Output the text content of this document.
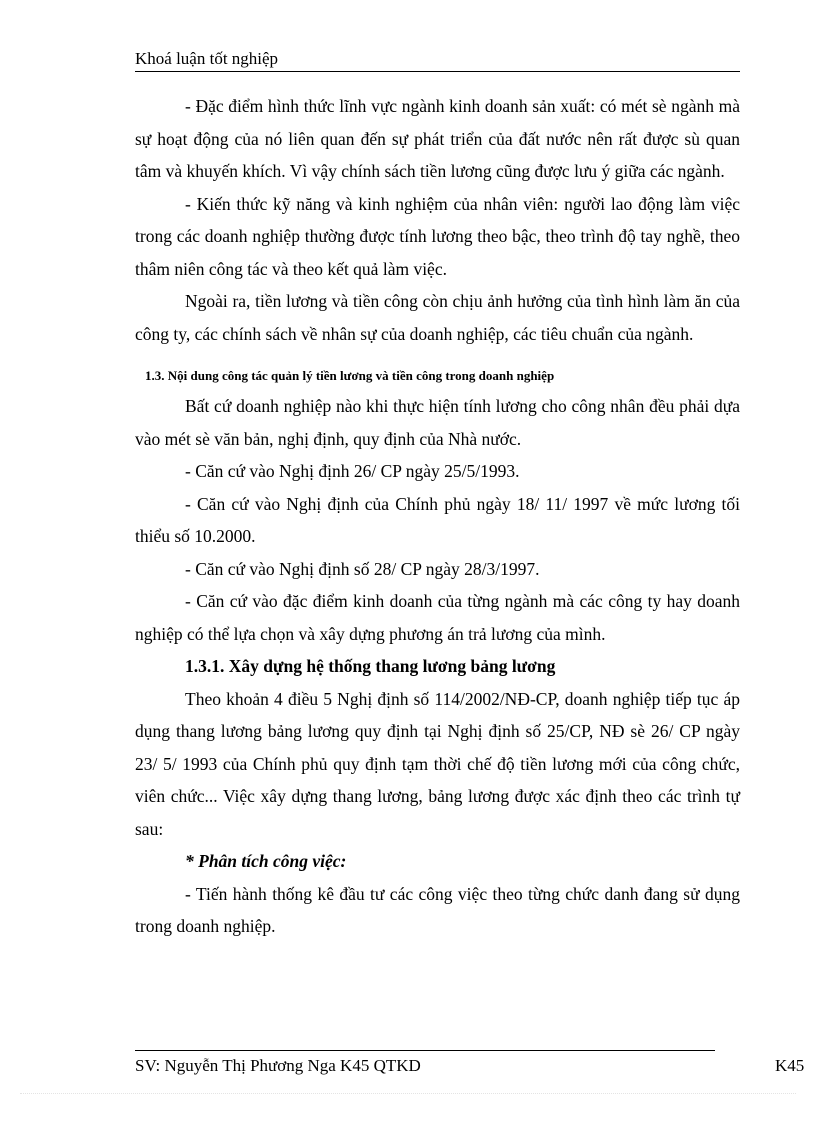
Khoá luận tốt nghiệp

- Đặc điểm hình thức lĩnh vực ngành kinh doanh sản xuất: có mét sè ngành mà sự hoạt động của nó liên quan đến sự phát triển của đất nước nên rất được sù quan tâm và khuyến khích. Vì vậy chính sách tiền lương cũng được lưu ý giữa các ngành.

- Kiến thức kỹ năng và kinh nghiệm của nhân viên: người lao động làm việc trong các doanh nghiệp thường được tính lương theo bậc, theo trình độ tay nghề, theo thâm niên công tác và theo kết quả làm việc.

Ngoài ra, tiền lương và tiền công còn chịu ảnh hưởng của tình hình làm ăn của công ty, các chính sách về nhân sự của doanh nghiệp, các tiêu chuẩn của ngành.

1.3. Nội dung công tác quản lý tiền lương và tiền công trong doanh nghiệp

Bất cứ doanh nghiệp nào khi thực hiện tính lương cho công nhân đều phải dựa vào mét sè văn bản, nghị định, quy định của Nhà nước.

- Căn cứ vào Nghị định 26/ CP ngày 25/5/1993.

- Căn cứ vào Nghị định của Chính phủ ngày 18/ 11/ 1997 về mức lương tối thiểu số 10.2000.

- Căn cứ vào Nghị định số 28/ CP ngày 28/3/1997.

- Căn cứ vào đặc điểm kinh doanh của từng ngành mà các công ty hay doanh nghiệp có thể lựa chọn và xây dựng phương án trả lương của mình.

1.3.1. Xây dựng hệ thống thang lương bảng lương

Theo khoản 4 điều 5 Nghị định số 114/2002/NĐ-CP, doanh nghiệp tiếp tục áp dụng thang lương bảng lương quy định tại Nghị định số 25/CP, NĐ sè 26/ CP ngày 23/ 5/ 1993 của Chính phủ quy định tạm thời chế độ tiền lương mới của công chức, viên chức... Việc xây dựng thang lương, bảng lương được xác định theo các trình tự sau:

* Phân tích công việc:

- Tiến hành thống kê đầu tư các công việc theo từng chức danh đang sử dụng trong doanh nghiệp.

SV: Nguyễn Thị Phương Nga K45 QTKD	K45
